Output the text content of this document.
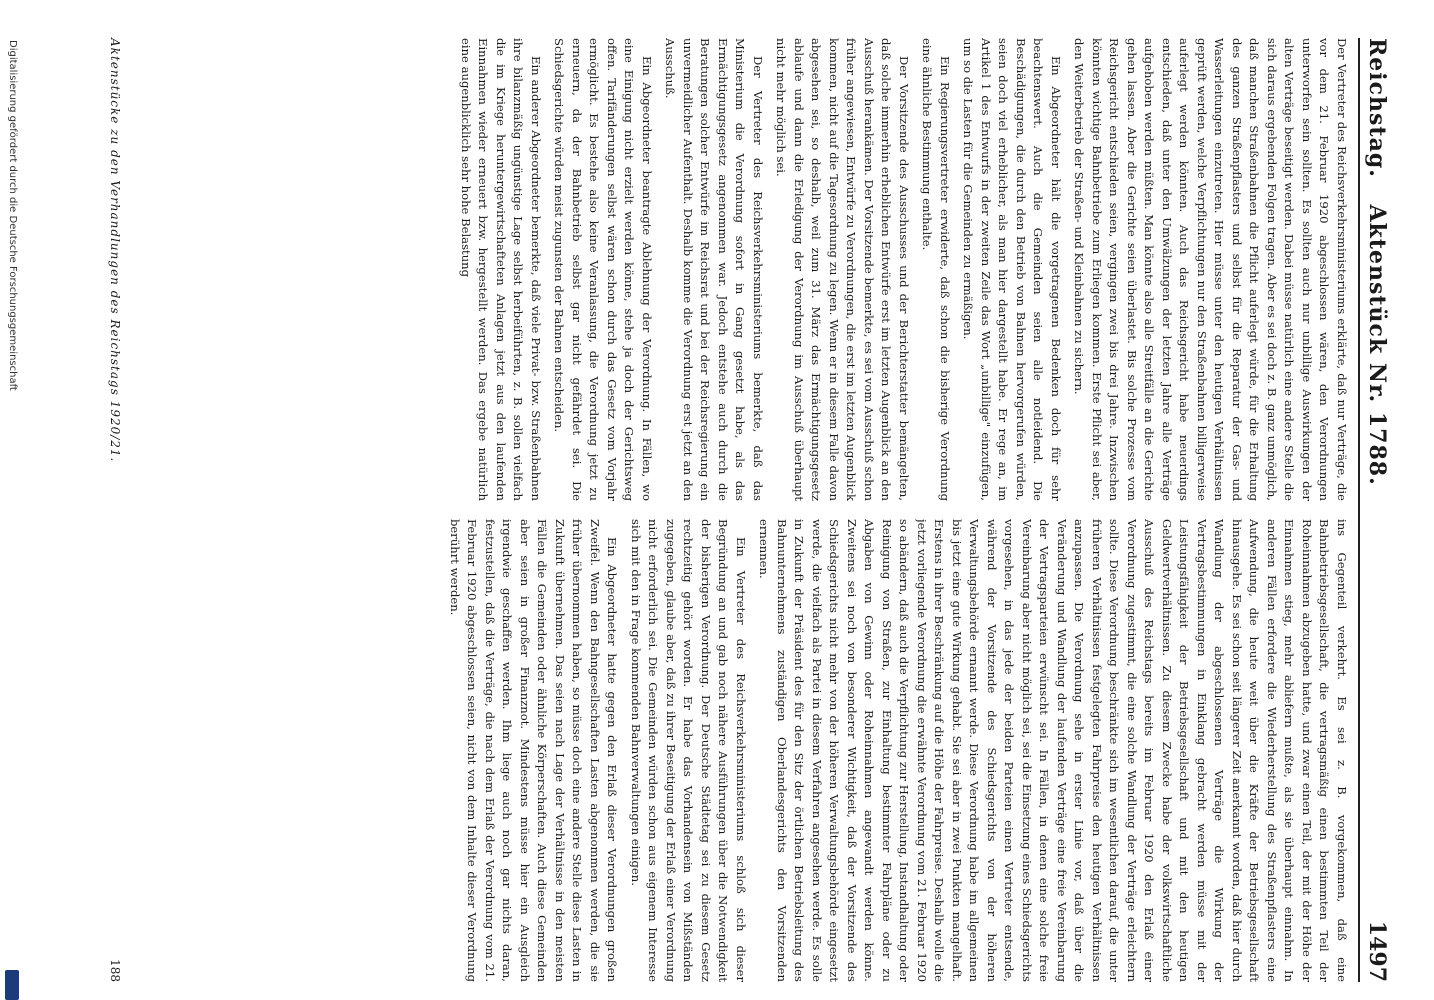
Digitalisierung gefördert durch die Deutsche Forschungsgemeinschaft	Reichstag. Aktenstück Nr. 1788.
1497

Der Vertreter des Reichsverkehrsministeriums erklärte, daß nur Verträge, die vor dem 21. Februar 1920 abgeschlossen wären, den Verordnungen unterworfen sein sollten. Es sollten auch nur unbillige Auswirkungen der alten Verträge beseitigt werden. Dabei müsse natürlich eine andere Stelle die sich daraus ergebenden Folgen tragen. Aber es sei doch z. B. ganz unmöglich, daß manchen Straßenbahnen die Pflicht auferlegt würde, für die Erhaltung des ganzen Straßenpflasters und selbst für die Reparatur der Gas- und Wasserleitungen einzutreten. Hier müsse unter den heutigen Verhältnissen geprüft werden, welche Verpflichtungen nur den Straßenbahnen billigerweise auferlegt werden könnten. Auch das Reichsgericht habe neuerdings entschieden, daß unter den Umwälzungen der letzten Jahre alle Verträge aufgehoben werden müßten. Man könnte also alle Streitfälle an die Gerichte gehen lassen. Aber die Gerichte seien überlastet. Bis solche Prozesse vom Reichsgericht entschieden seien, vergingen zwei bis drei Jahre. Inzwischen könnten wichtige Bahnbetriebe zum Erliegen kommen. Erste Pflicht sei aber, den Weiterbetrieb der Straßen- und Kleinbahnen zu sichern.

Ein Abgeordneter hält die vorgetragenen Bedenken doch für sehr beachtenswert. Auch die Gemeinden seien alle notleidend. Die Beschädigungen, die durch den Betrieb von Bahnen hervorgerufen würden, seien doch viel erheblicher, als man hier dargestellt habe. Er rege an, im Artikel 1 des Entwurfs in der zweiten Zeile das Wort „unbillige" einzufügen, um so die Lasten für die Gemeinden zu ermäßigen.

Ein Regierungsvertreter erwiderte, daß schon die bisherige Verordnung eine ähnliche Bestimmung enthalte.

Der Vorsitzende des Ausschusses und der Berichterstatter bemängelten, daß solche immerhin erheblichen Entwürfe erst im letzten Augenblick an den Ausschuß herankämen. Der Vorsitzende bemerkte, es sei vom Ausschuß schon früher angewiesen, Entwürfe zu Verordnungen, die erst im letzten Augenblick kommen, nicht auf die Tagesordnung zu legen. Wenn er in diesem Falle davon abgesehen sei, so deshalb, weil zum 31. März das Ermächtigungsgesetz ablaufe und dann die Erledigung der Verordnung im Ausschuß überhaupt nicht mehr möglich sei.

Der Vertreter des Reichsverkehrsministeriums bemerkte, daß das Ministerium die Verordnung sofort in Gang gesetzt habe, als das Ermächtigungsgesetz angenommen war. Jedoch entstehe auch durch die Beratungen solcher Entwürfe im Reichsrat und bei der Reichsregierung ein unvermeidlicher Aufenthalt. Deshalb komme die Verordnung erst jetzt an den Ausschuß.

Ein Abgeordneter beantragte Ablehnung der Verordnung. In Fällen, wo eine Einigung nicht erzielt werden könne, stehe ja doch der Gerichtsweg offen. Tarifänderungen selbst wären schon durch das Gesetz vom Vorjahr ermöglicht. Es bestehe also keine Veranlassung, die Verordnung jetzt zu erneuern, da der Bahnbetrieb selbst gar nicht gefährdet sei. Die Schiedsgerichte würden meist zugunsten der Bahnen entscheiden.

Ein anderer Abgeordneter bemerkte, daß viele Privat- bzw. Straßenbahnen ihre bilanzmäßig ungünstige Lage selbst herbeiführten, z. B. sollen vielfach die im Kriege heruntergewirtschafteten Anlagen jetzt aus den laufenden Einnahmen wieder erneuert bzw. hergestellt werden. Das ergebe natürlich eine augenblicklich sehr hohe Belastung

ins Gegenteil verkehrt. Es sei z. B. vorgekommen, daß eine Bahnbetriebsgesellschaft, die vertragsmäßig einen bestimmten Teil der Roheinnahmen abzugeben hatte, und zwar einen Teil, der mit der Höhe der Einnahmen stieg, mehr abliefern mußte, als sie überhaupt einnahm. In anderen Fällen erfordere die Wiederherstellung des Straßenpflasters eine Aufwendung, die heute weit über die Kräfte der Betriebsgesellschaft hinausgehe. Es sei schon seit längerer Zeit anerkannt worden, daß hier durch Wandlung der abgeschlossenen Verträge die Wirkung der Vertragsbestimmungen in Einklang gebracht werden müsse mit der Leistungsfähigkeit der Betriebsgesellschaft und mit den heutigen Geldwertverhältnissen. Zu diesem Zwecke habe der volkswirtschaftliche Ausschuß des Reichstags bereits im Februar 1920 den Erlaß einer Verordnung zugestimmt, die eine solche Wandlung der Verträge erleichtern sollte. Diese Verordnung beschränkte sich im wesentlichen darauf, die unter früheren Verhältnissen festgelegten Fahrpreise den heutigen Verhältnissen anzupassen. Die Verordnung sehe in erster Linie vor, daß über die Veränderung und Wandlung der laufenden Verträge eine freie Vereinbarung der Vertragsparteien erwünscht sei. In Fällen, in denen eine solche freie Vereinbarung aber nicht möglich sei, sei die Einsetzung eines Schiedsgerichts vorgesehen, in das jede der beiden Parteien einen Vertreter entsende, während der Vorsitzende des Schiedsgerichts von der höheren Verwaltungsbehörde ernannt werde. Diese Verordnung habe im allgemeinen bis jetzt eine gute Wirkung gehabt. Sie sei aber in zwei Punkten mangelhaft. Erstens in ihrer Beschränkung auf die Höhe der Fahrpreise. Deshalb wolle die jetzt vorliegende Verordnung die erwähnte Verordnung vom 21. Februar 1920 so abändern, daß auch die Verpflichtung zur Herstellung, Instandhaltung oder Reinigung von Straßen, zur Einhaltung bestimmter Fahrpläne oder zu Abgaben von Gewinn oder Roheinnahmen angewandt werden könne. Zweitens sei noch von besonderer Wichtigkeit, daß der Vorsitzende des Schiedsgerichts nicht mehr von der höheren Verwaltungsbehörde eingesetzt werde, die vielfach als Partei in diesem Verfahren angesehen werde. Es solle in Zukunft der Präsident des für den Sitz der örtlichen Betriebsleitung des Bahnunternehmens zuständigen Oberlandesgerichts den Vorsitzenden ernennen.

Ein Vertreter des Reichsverkehrsministeriums schloß sich dieser Begründung an und gab noch nähere Ausführungen über die Notwendigkeit der bisherigen Verordnung. Der Deutsche Städtetag sei zu diesem Gesetz rechtzeitig gehört worden. Er habe das Vorhandensein von Mißständen zugegeben, glaube aber, daß zu ihrer Beseitigung der Erlaß einer Verordnung nicht erforderlich sei. Die Gemeinden würden schon aus eigenem Interesse sich mit den in Frage kommenden Bahnverwaltungen einigen.

Ein Abgeordneter hatte gegen den Erlaß dieser Verordnungen großen Zweifel. Wenn den Bahngesellschaften Lasten abgenommen werden, die sie früher übernommen haben, so müsse doch eine andere Stelle diese Lasten in Zukunft übernehmen. Das seien nach Lage der Verhältnisse in den meisten Fällen die Gemeinden oder ähnliche Körperschaften. Auch diese Gemeinden aber seien in großer Finanznot. Mindestens müsse hier ein Ausgleich irgendwie geschaffen werden. Ihm liege auch noch gar nichts daran, festzustellen, daß die Verträge, die nach dem Erlaß der Verordnung vom 21. Februar 1920 abgeschlossen seien, nicht von dem Inhalte dieser Verordnung berührt werden.

Aktenstücke zu den Verhandlungen des Reichstags 1920/21.
188
